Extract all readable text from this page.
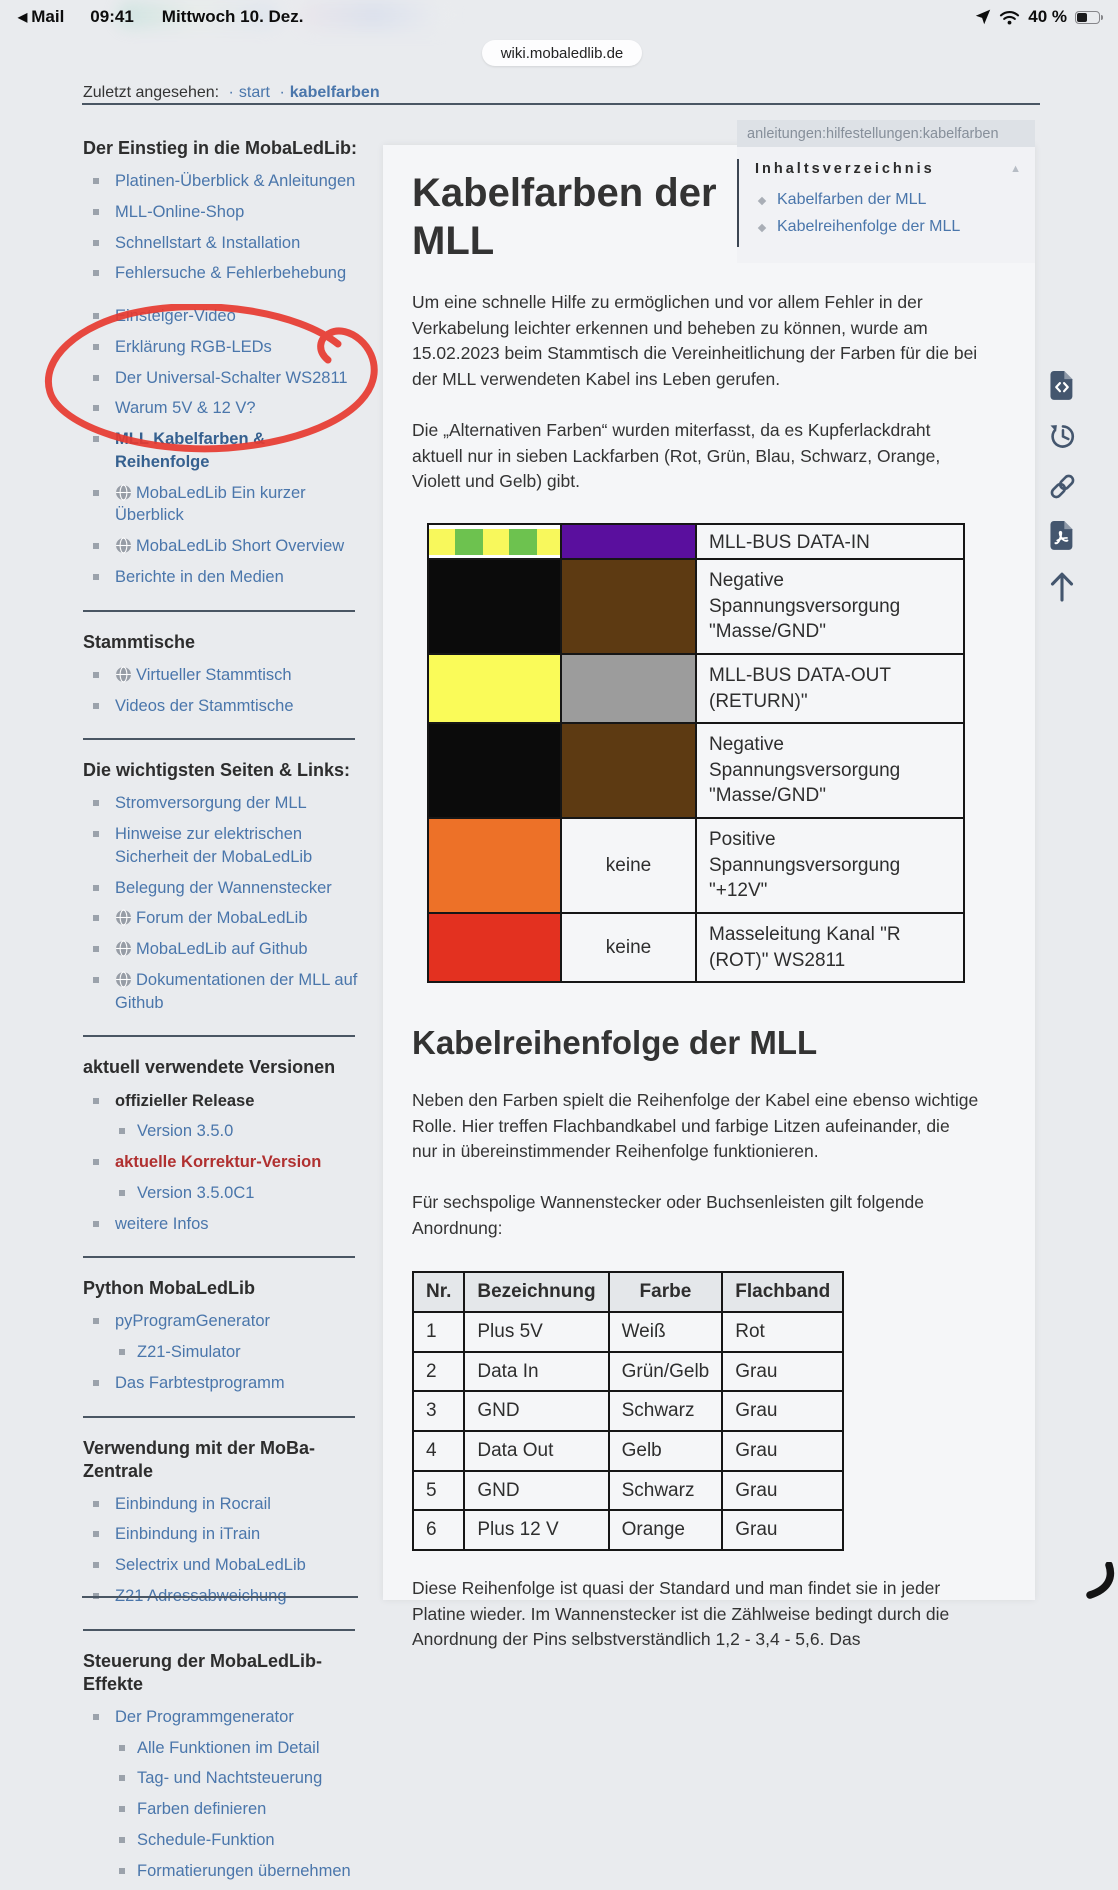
◀ Mail 09:41 Mittwoch 10. Dez.	40 %
wiki.mobaledlib.de
Zuletzt angesehen: · start · kabelfarben
Der Einstieg in die MobaLedLib:
Platinen-Überblick & Anleitungen
MLL-Online-Shop
Schnellstart & Installation
Fehlersuche & Fehlerbehebung
Einsteiger-Video
Erklärung RGB-LEDs
Der Universal-Schalter WS2811
Warum 5V & 12 V?
MLL Kabelfarben & Reihenfolge
MobaLedLib Ein kurzer Überblick
MobaLedLib Short Overview
Berichte in den Medien
Stammtische
Virtueller Stammtisch
Videos der Stammtische
Die wichtigsten Seiten & Links:
Stromversorgung der MLL
Hinweise zur elektrischen Sicherheit der MobaLedLib
Belegung der Wannenstecker
Forum der MobaLedLib
MobaLedLib auf Github
Dokumentationen der MLL auf Github
aktuell verwendete Versionen
offizieller Release
Version 3.5.0
aktuelle Korrektur-Version
Version 3.5.0C1
weitere Infos
Python MobaLedLib
pyProgramGenerator
Z21-Simulator
Das Farbtestprogramm
Verwendung mit der MoBa-Zentrale
Einbindung in Rocrail
Einbindung in iTrain
Selectrix und MobaLedLib
Z21 Adressabweichung
Steuerung der MobaLedLib-Effekte
Der Programmgenerator
Alle Funktionen im Detail
Tag- und Nachtsteuerung
Farben definieren
Schedule-Funktion
Formatierungen übernehmen
Kabelfarben der MLL

Um eine schnelle Hilfe zu ermöglichen und vor allem Fehler in der Verkabelung leichter erkennen und beheben zu können, wurde am 15.02.2023 beim Stammtisch die Vereinheitlichung der Farben für die bei der MLL verwendeten Kabel ins Leben gerufen.

Die „Alternativen Farben“ wurden miterfasst, da es Kupferlackdraht aktuell nur in sieben Lackfarben (Rot, Grün, Blau, Schwarz, Orange, Violett und Gelb) gibt.

		MLL-BUS DATA-IN
		Negative Spannungsversorgung "Masse/GND"
		MLL-BUS DATA-OUT (RETURN)"
		Negative Spannungsversorgung "Masse/GND"
	keine	Positive Spannungsversorgung "+12V"
	keine	Masseleitung Kanal "R (ROT)" WS2811
Kabelreihenfolge der MLL

Neben den Farben spielt die Reihenfolge der Kabel eine ebenso wichtige Rolle. Hier treffen Flachbandkabel und farbige Litzen aufeinander, die nur in übereinstimmender Reihenfolge funktionieren.

Für sechspolige Wannenstecker oder Buchsenleisten gilt folgende Anordnung:

Nr.	Bezeichnung	Farbe	Flachband
1	Plus 5V	Weiß	Rot
2	Data In	Grün/Gelb	Grau
3	GND	Schwarz	Grau
4	Data Out	Gelb	Grau
5	GND	Schwarz	Grau
6	Plus 12 V	Orange	Grau

Diese Reihenfolge ist quasi der Standard und man findet sie in jeder Platine wieder. Im Wannenstecker ist die Zählweise bedingt durch die Anordnung der Pins selbstverständlich 1,2 - 3,4 - 5,6. Das

anleitungen:hilfestellungen:kabelfarben
Inhaltsverzeichnis	▲
Kabelfarben der MLL
Kabelreihenfolge der MLL
